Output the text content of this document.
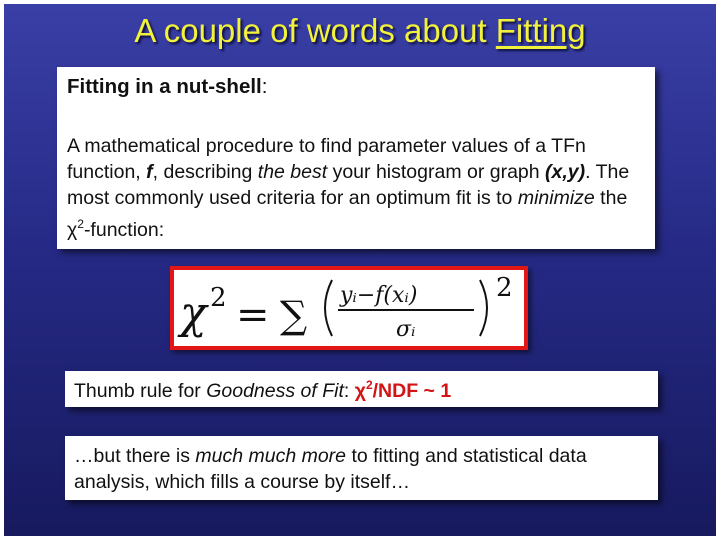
A couple of words about Fitting
Fitting in a nut-shell:
A mathematical procedure to find parameter values of a TFn function, f, describing the best your histogram or graph (x,y). The most commonly used criteria for an optimum fit is to minimize the $\chi^2$-function:
χ 2 = ∑ yᵢ−f(xᵢ)
σᵢ
2
Thumb rule for Goodness of Fit: $\chi^2$/NDF ~ 1
…but there is much much more to fitting and statistical data analysis, which fills a course by itself…
